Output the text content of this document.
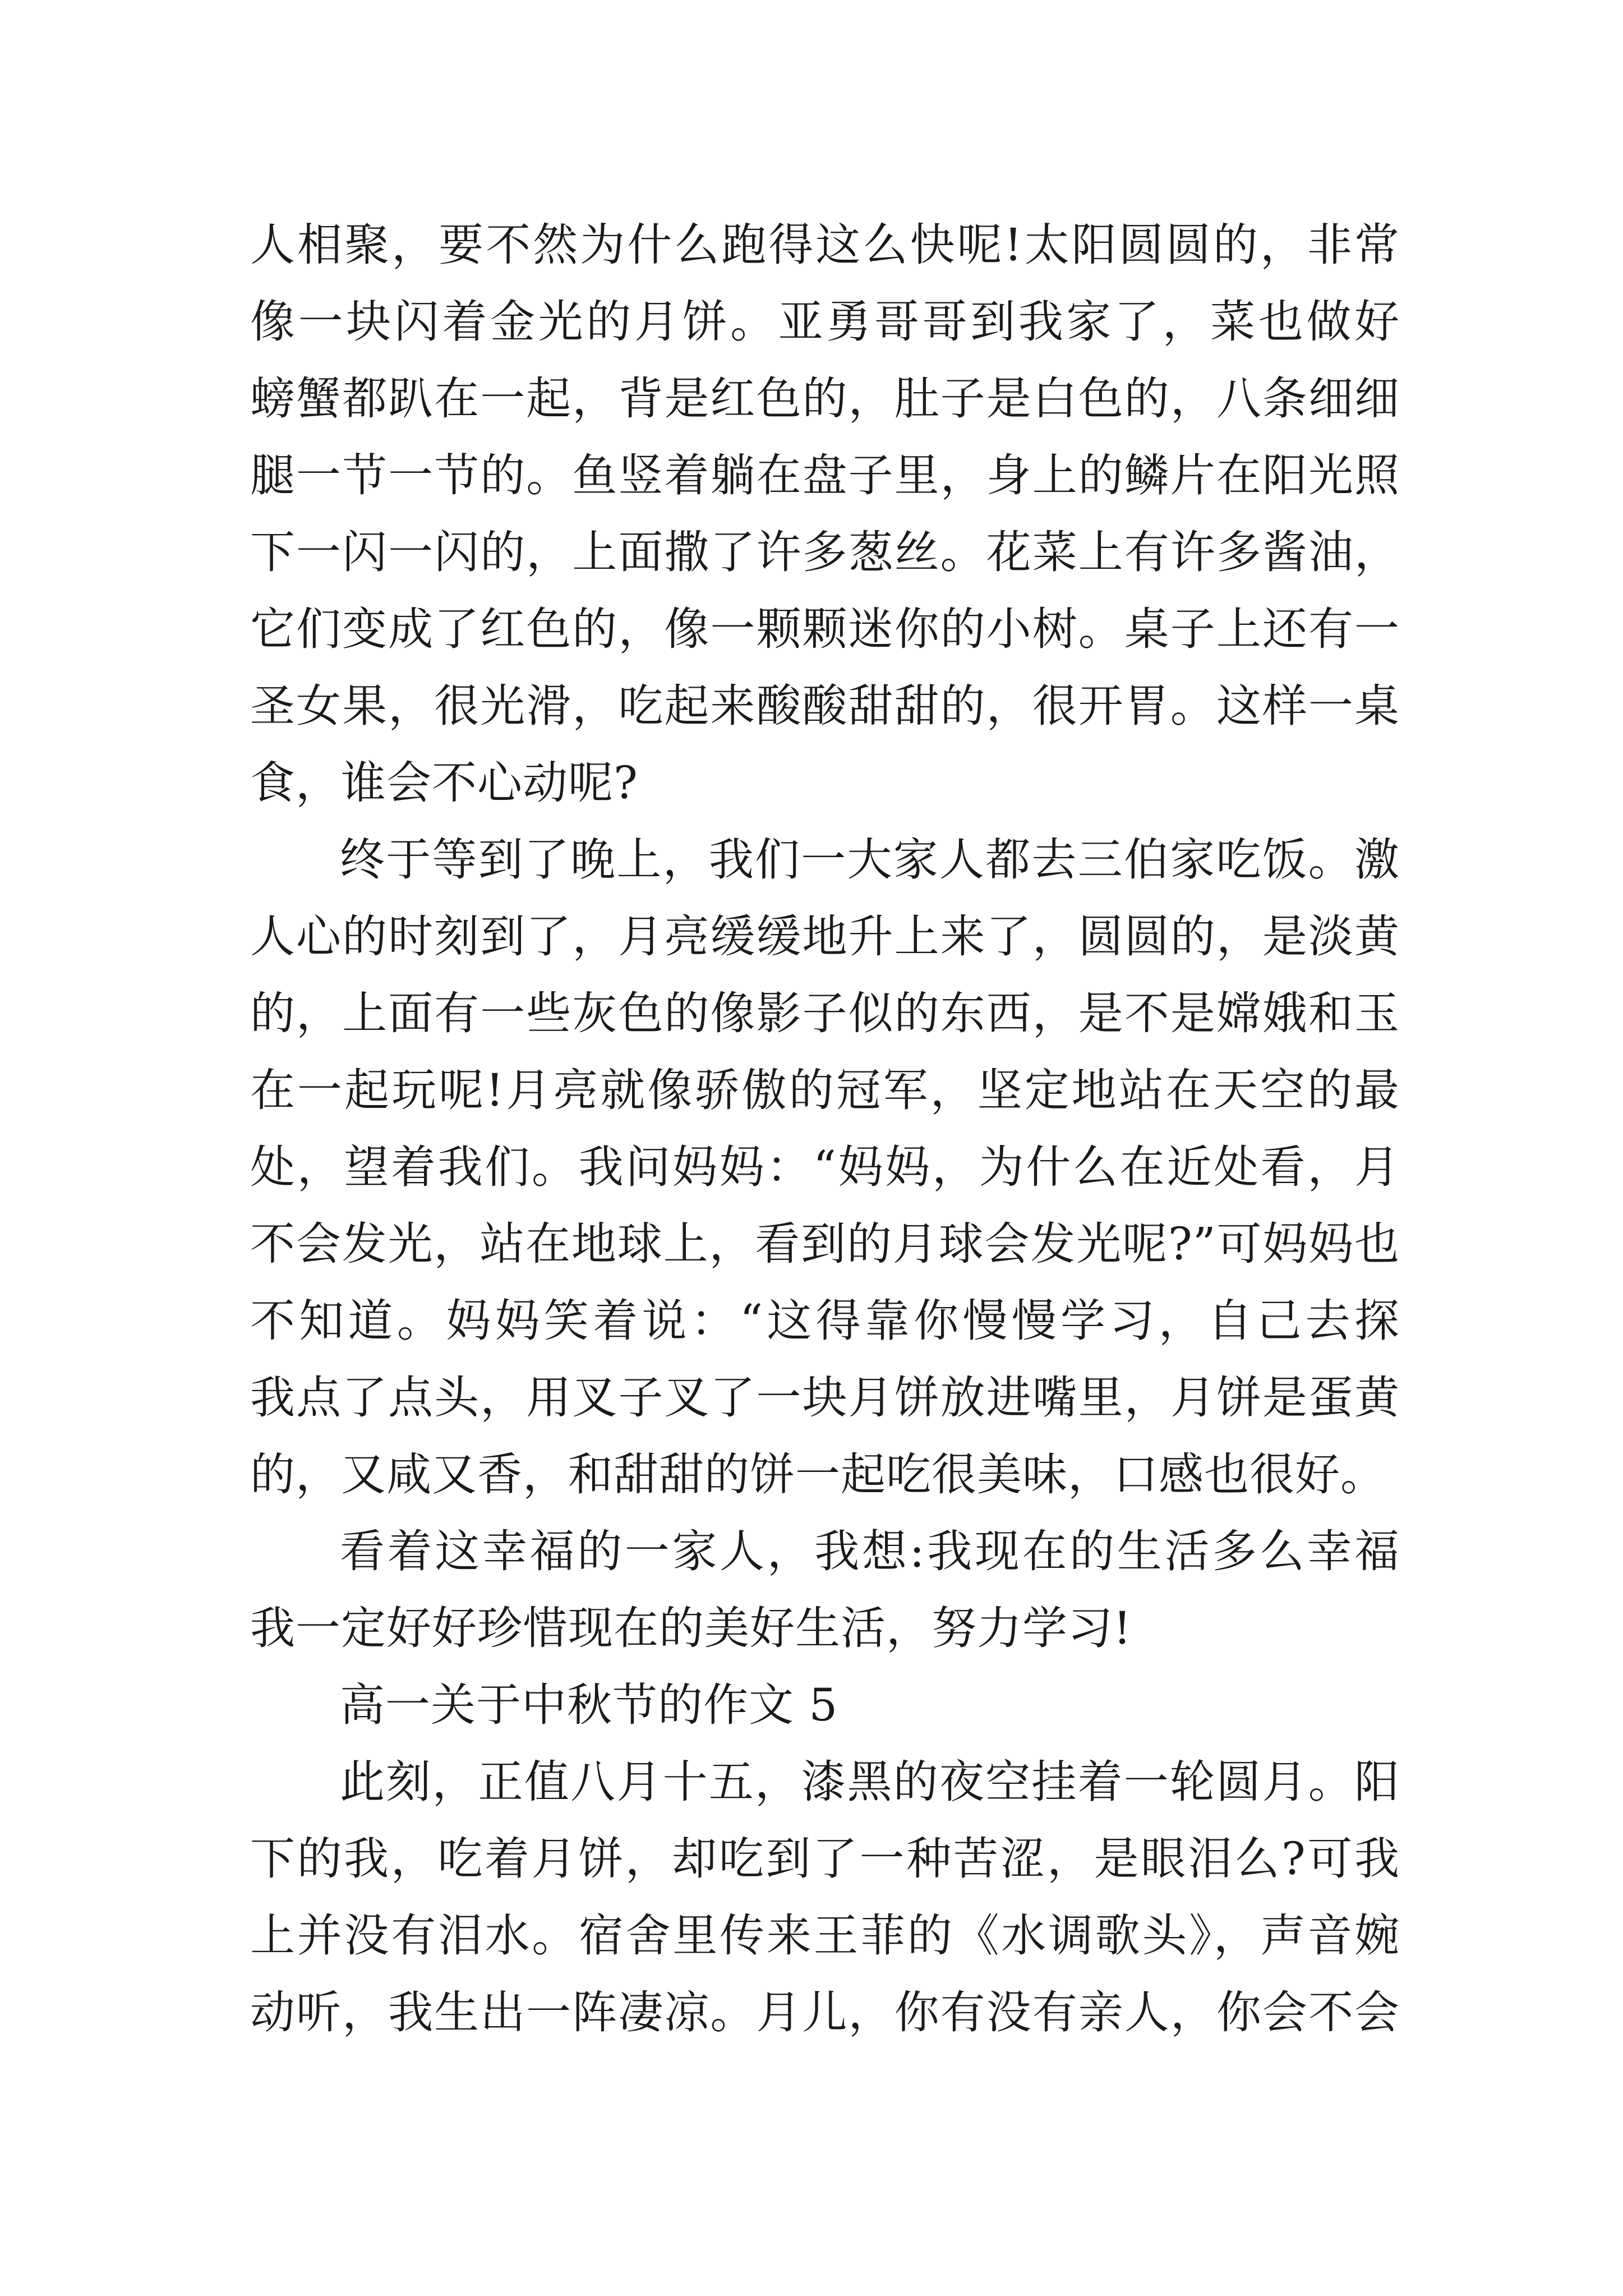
人相聚，要不然为什么跑得这么快呢!太阳圆圆的，非常
像一块闪着金光的月饼。亚勇哥哥到我家了，菜也做好
螃蟹都趴在一起，背是红色的，肚子是白色的，八条细细
腿一节一节的。鱼竖着躺在盘子里，身上的鳞片在阳光照
下一闪一闪的，上面撒了许多葱丝。花菜上有许多酱油，
它们变成了红色的，像一颗颗迷你的小树。桌子上还有一
圣女果，很光滑，吃起来酸酸甜甜的，很开胃。这样一桌
食，谁会不心动呢?
终于等到了晚上，我们一大家人都去三伯家吃饭。激
人心的时刻到了，月亮缓缓地升上来了，圆圆的，是淡黄
的，上面有一些灰色的像影子似的东西，是不是嫦娥和玉
在一起玩呢!月亮就像骄傲的冠军，坚定地站在天空的最
处，望着我们。我问妈妈：“妈妈，为什么在近处看，月
不会发光，站在地球上，看到的月球会发光呢?”可妈妈也
不知道。妈妈笑着说：“这得靠你慢慢学习，自己去探
我点了点头，用叉子叉了一块月饼放进嘴里，月饼是蛋黄
的，又咸又香，和甜甜的饼一起吃很美味，口感也很好。
看着这幸福的一家人，我想:我现在的生活多么幸福
我一定好好珍惜现在的美好生活，努力学习!
高一关于中秋节的作文 5
此刻，正值八月十五，漆黑的夜空挂着一轮圆月。阳
下的我，吃着月饼，却吃到了一种苦涩，是眼泪么?可我
上并没有泪水。宿舍里传来王菲的《水调歌头》，声音婉
动听，我生出一阵凄凉。月儿，你有没有亲人，你会不会
